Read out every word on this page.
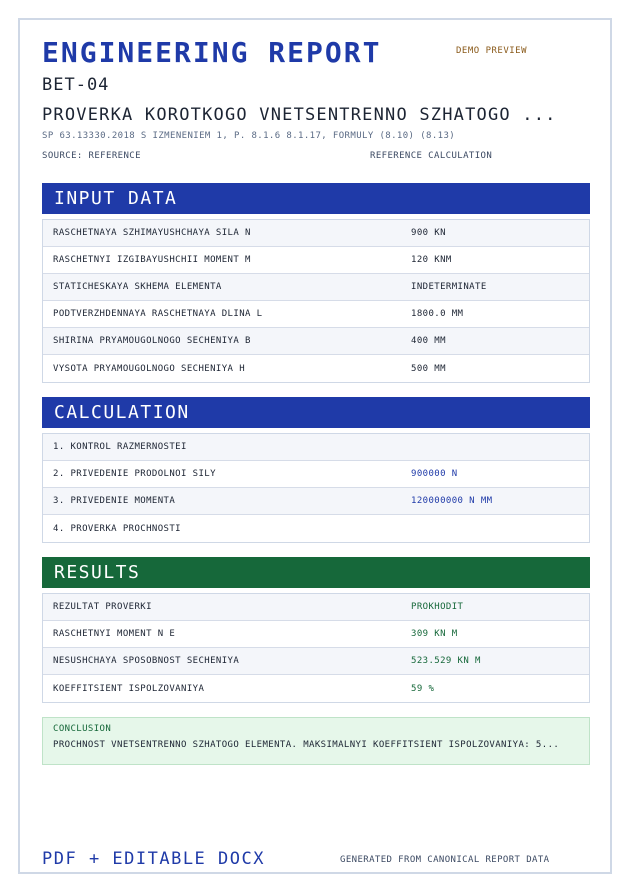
ENGINEERING REPORT	DEMO PREVIEW
BET-04
PROVERKA KOROTKOGO VNETSENTRENNO SZHATOGO ...
SP 63.13330.2018 S IZMENENIEM 1, P. 8.1.6 8.1.17, FORMULY (8.10) (8.13)
SOURCE: REFERENCE	REFERENCE CALCULATION
INPUT DATA
RASCHETNAYA SZHIMAYUSHCHAYA SILA N	900 KN
RASCHETNYI IZGIBAYUSHCHII MOMENT M	120 KNM
STATICHESKAYA SKHEMA ELEMENTA	INDETERMINATE
PODTVERZHDENNAYA RASCHETNAYA DLINA L	1800.0 MM
SHIRINA PRYAMOUGOLNOGO SECHENIYA B	400 MM
VYSOTA PRYAMOUGOLNOGO SECHENIYA H	500 MM
CALCULATION
1. KONTROL RAZMERNOSTEI
2. PRIVEDENIE PRODOLNOI SILY	900000 N
3. PRIVEDENIE MOMENTA	120000000 N MM
4. PROVERKA PROCHNOSTI
RESULTS
REZULTAT PROVERKI	PROKHODIT
RASCHETNYI MOMENT N E	309 KN M
NESUSHCHAYA SPOSOBNOST SECHENIYA	523.529 KN M
KOEFFITSIENT ISPOLZOVANIYA	59 %
CONCLUSION
PROCHNOST VNETSENTRENNO SZHATOGO ELEMENTA. MAKSIMALNYI KOEFFITSIENT ISPOLZOVANIYA: 5...
PDF + EDITABLE DOCX	GENERATED FROM CANONICAL REPORT DATA
